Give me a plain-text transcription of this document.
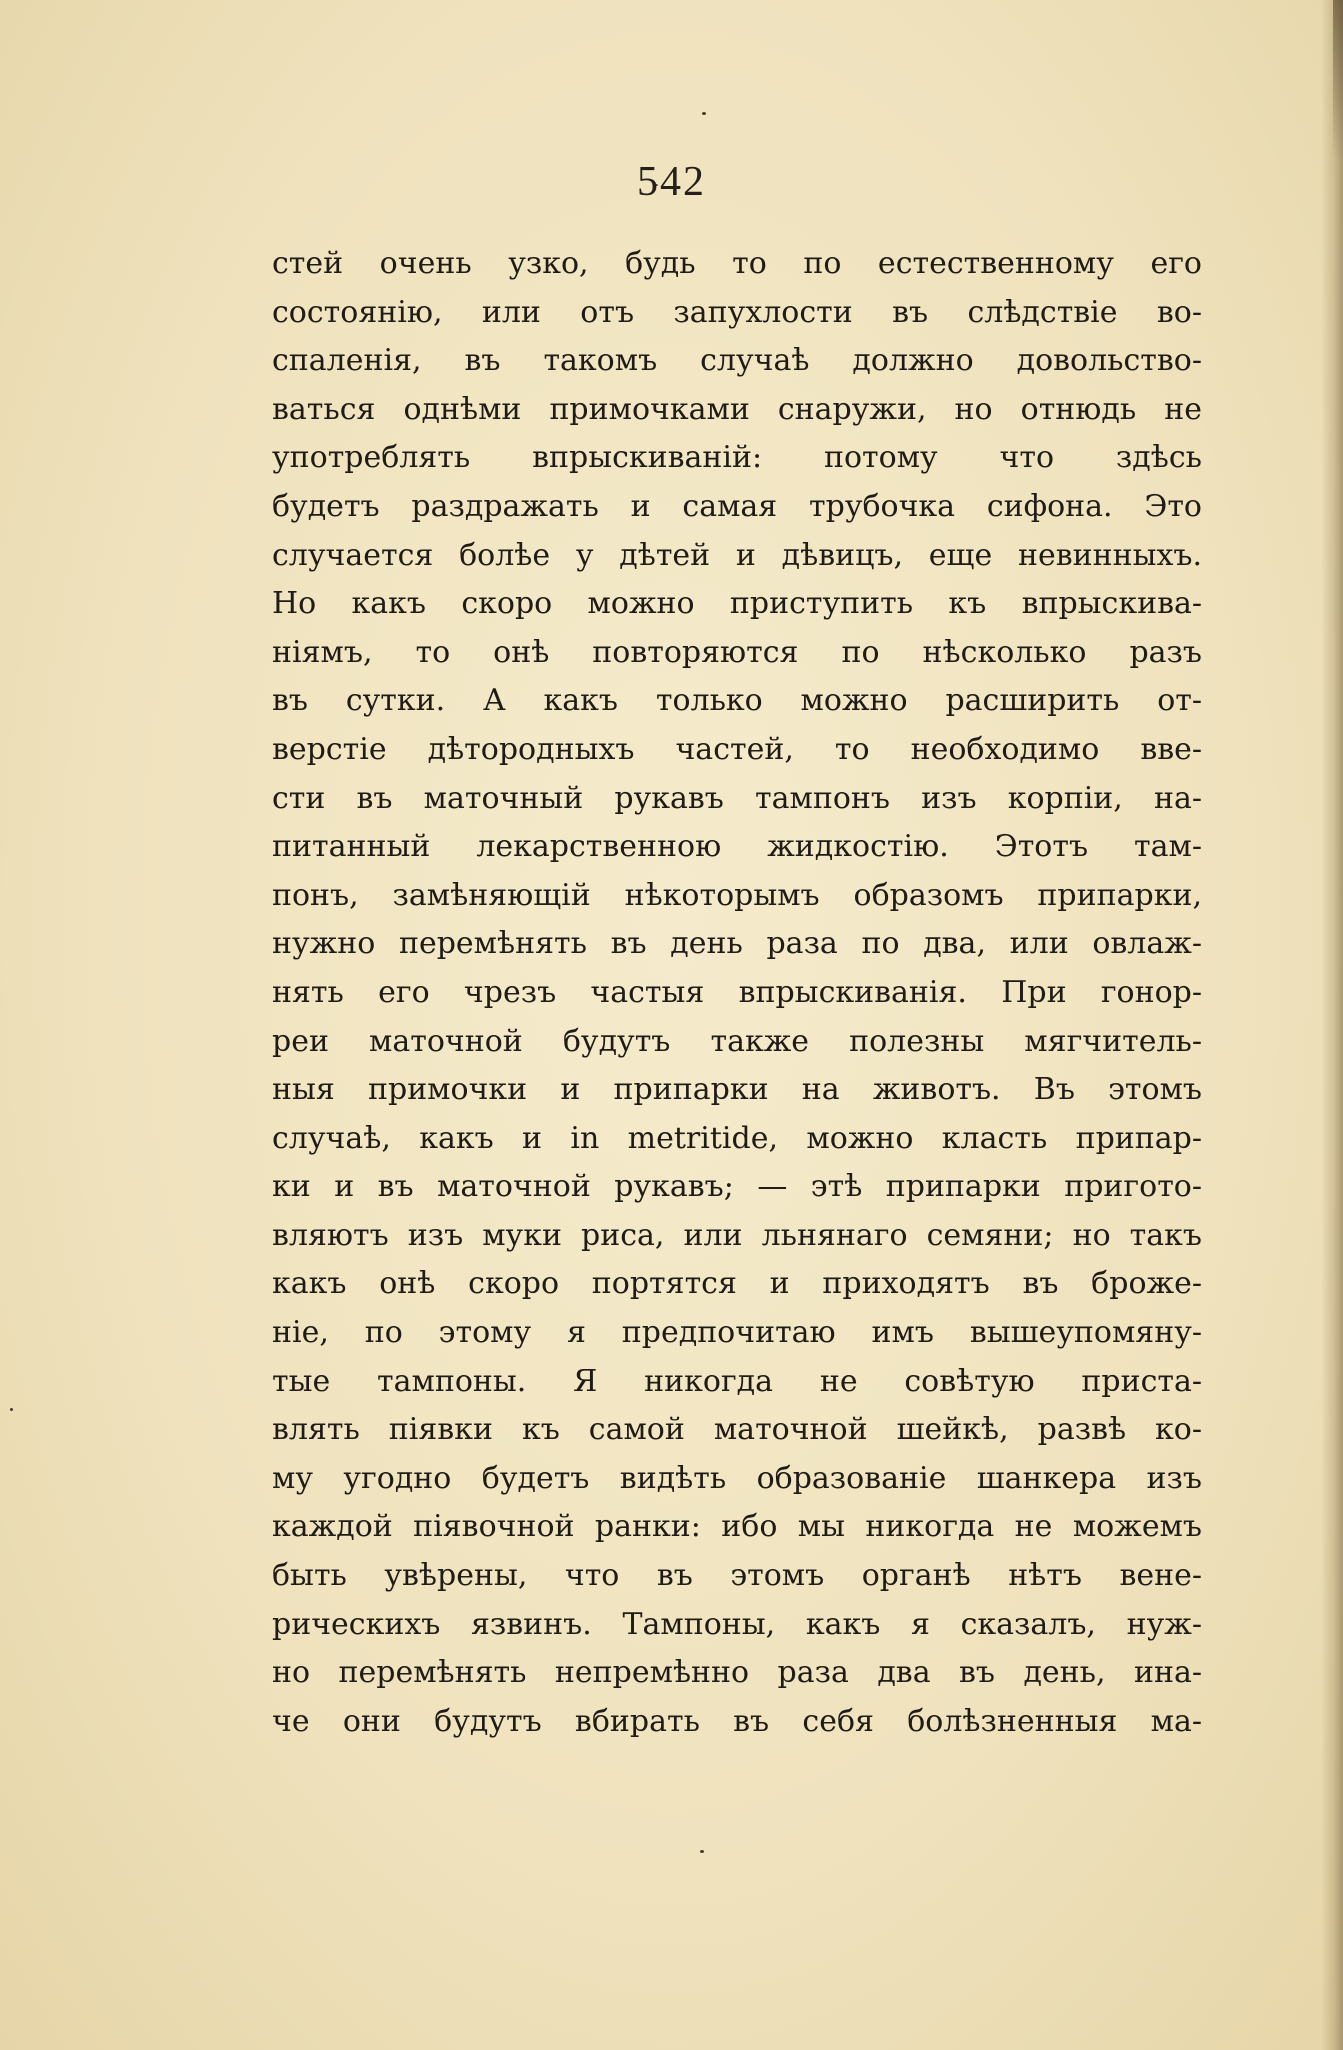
542
стей очень узко, будь то по естественному его
состоянію, или отъ запухлости въ слѣдствіе во-
спаленія, въ такомъ случаѣ должно довольство-
ваться однѣми примочками снаружи, но отнюдь не
употреблять впрыскиваній: потому что здѣсь
будетъ раздражать и самая трубочка сифона. Это
случается болѣе у дѣтей и дѣвицъ, еще невинныхъ.
Но какъ скоро можно приступить къ впрыскива-
ніямъ, то онѣ повторяются по нѣсколько разъ
въ сутки. А какъ только можно расширить от-
верстіе дѣтородныхъ частей, то необходимо вве-
сти въ маточный рукавъ тампонъ изъ корпіи, на-
питанный лекарственною жидкостію. Этотъ там-
понъ, замѣняющій нѣкоторымъ образомъ припарки,
нужно перемѣнять въ день раза по два, или овлаж-
нять его чрезъ частыя впрыскиванія. При гонор-
реи маточной будутъ также полезны мягчитель-
ныя примочки и припарки на животъ. Въ этомъ
случаѣ, какъ и in metritide, можно класть припар-
ки и въ маточной рукавъ; — этѣ припарки пригото-
вляютъ изъ муки риса, или льнянаго семяни; но такъ
какъ онѣ скоро портятся и приходятъ въ броже-
ніе, по этому я предпочитаю имъ вышеупомяну-
тые тампоны. Я никогда не совѣтую приста-
влять піявки къ самой маточной шейкѣ, развѣ ко-
му угодно будетъ видѣть образованіе шанкера изъ
каждой піявочной ранки: ибо мы никогда не можемъ
быть увѣрены, что въ этомъ органѣ нѣтъ вене-
рическихъ язвинъ. Тампоны, какъ я сказалъ, нуж-
но перемѣнять непремѣнно раза два въ день, ина-
че они будутъ вбирать въ себя болѣзненныя ма-
